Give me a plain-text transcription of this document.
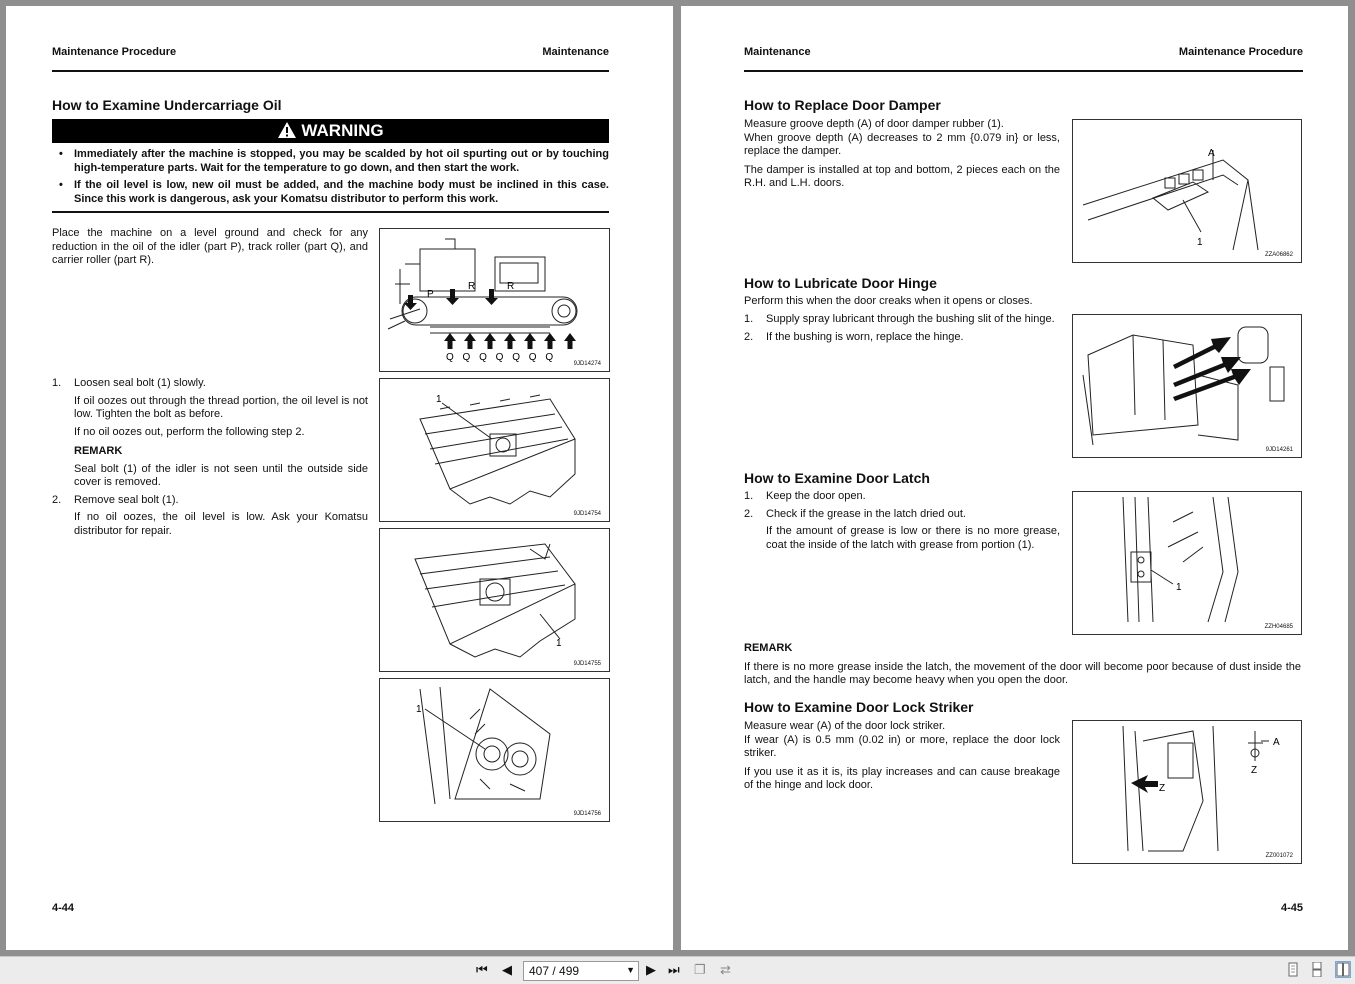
Maintenance Procedure	Maintenance
How to Examine Undercarriage Oil
WARNING
• Immediately after the machine is stopped, you may be scalded by hot oil spurting out or by touching high-temperature parts. Wait for the temperature to go down, and then start the work.
• If the oil level is low, new oil must be added, and the machine body must be inclined in this case. Since this work is dangerous, ask your Komatsu distributor to perform this work.
Place the machine on a level ground and check for any reduction in the oil of the idler (part P), track roller (part Q), and carrier roller (part R).
P
R	R
Q Q Q Q Q Q Q
9JD14274
1. Loosen seal bolt (1) slowly.
If oil oozes out through the thread portion, the oil level is not low. Tighten the bolt as before.
If no oil oozes out, perform the following step 2.
REMARK
Seal bolt (1) of the idler is not seen until the outside side cover is removed.
2. Remove seal bolt (1).
If no oil oozes, the oil level is low. Ask your Komatsu distributor for repair.
1
9JD14754
1
9JD14755
1
9JD14756
4-44
Maintenance	Maintenance Procedure
How to Replace Door Damper

Measure groove depth (A) of door damper rubber (1).

When groove depth (A) decreases to 2 mm {0.079 in} or less, replace the damper.

The damper is installed at top and bottom, 2 pieces each on the R.H. and L.H. doors.

A
1
ZZA06862
How to Lubricate Door Hinge
Perform this when the door creaks when it opens or closes.
1. Supply spray lubricant through the bushing slit of the hinge.
2. If the bushing is worn, replace the hinge.
9JD14261
How to Examine Door Latch
1. Keep the door open.
2. Check if the grease in the latch dried out.
If the amount of grease is low or there is no more grease, coat the inside of the latch with grease from portion (1).
1
ZZH04685

REMARK

If there is no more grease inside the latch, the movement of the door will become poor because of dust inside the latch, and the handle may become heavy when you open the door.

How to Examine Door Lock Striker

Measure wear (A) of the door lock striker.

If wear (A) is 0.5 mm (0.02 in) or more, replace the door lock striker.

If you use it as it is, its play increases and can cause breakage of the hinge and lock door.

A
Z
Z
ZZ001072
4-45
⏮ ◀ 407 / 499	▼ ▶ ⏭ ❐ ⇄
